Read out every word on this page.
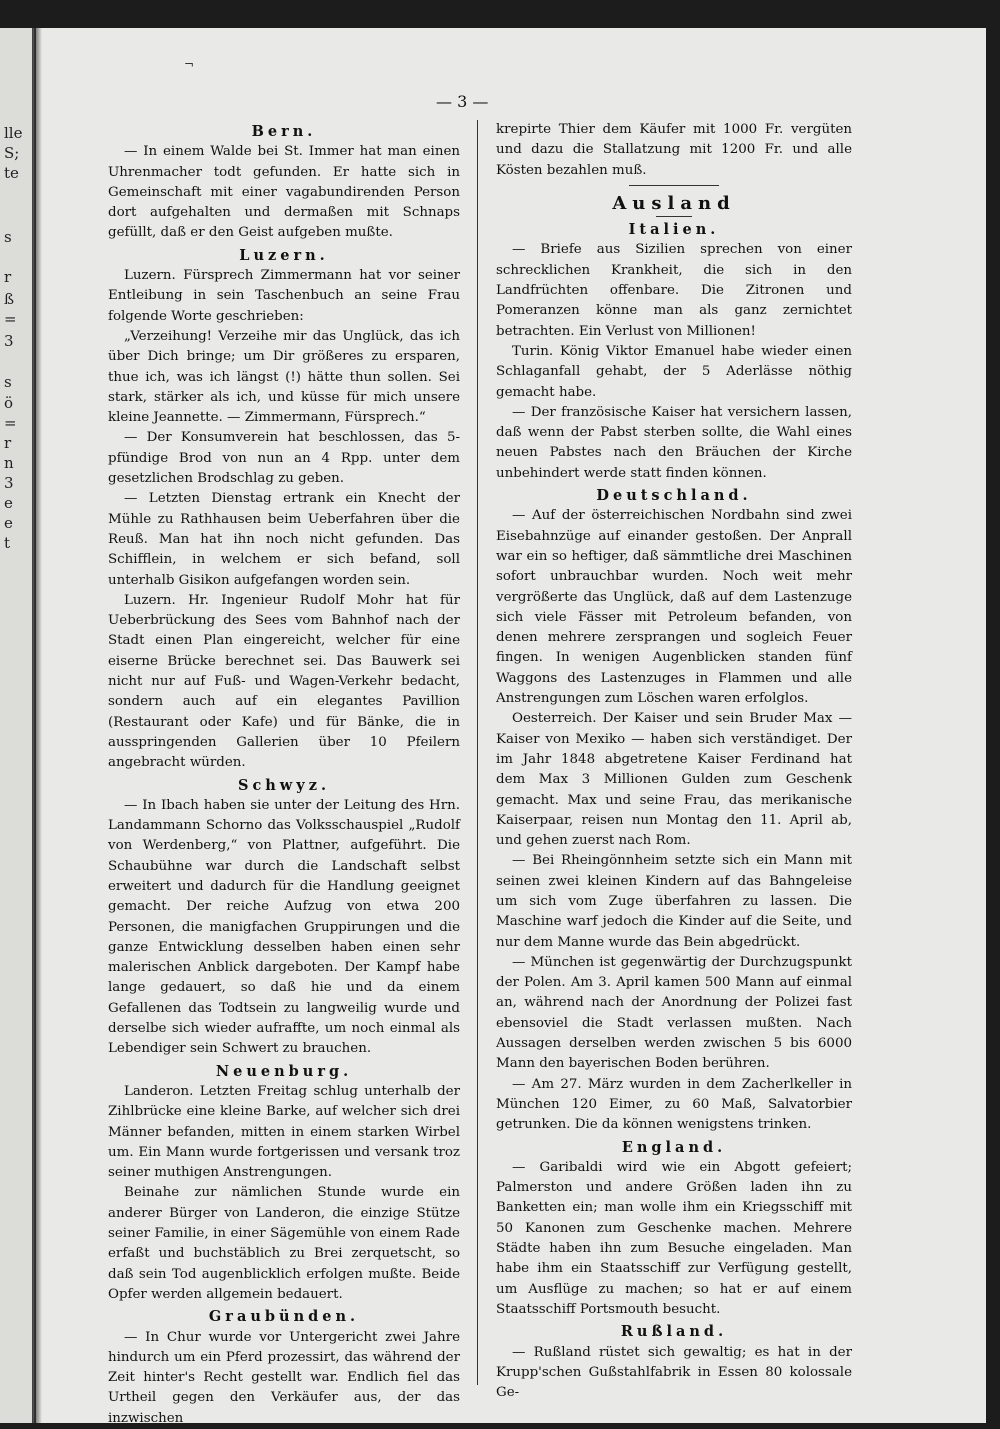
lle
S;
te
s
r
ß
=
3
s
ö
=
r
n
3
e
e
t
¬
— 3 —
Bern.

— In einem Walde bei St. Immer hat man einen Uhrenmacher todt gefunden. Er hatte sich in Gemeinschaft mit einer vagabundirenden Person dort aufgehalten und dermaßen mit Schnaps gefüllt, daß er den Geist aufgeben mußte.

Luzern.

Luzern. Fürsprech Zimmermann hat vor seiner Entleibung in sein Taschenbuch an seine Frau folgende Worte geschrieben:

„Verzeihung! Verzeihe mir das Unglück, das ich über Dich bringe; um Dir größeres zu ersparen, thue ich, was ich längst (!) hätte thun sollen. Sei stark, stärker als ich, und küsse für mich unsere kleine Jeannette. — Zimmermann, Fürsprech.“

— Der Konsumverein hat beschlossen, das 5-pfündige Brod von nun an 4 Rpp. unter dem gesetzlichen Brodschlag zu geben.

— Letzten Dienstag ertrank ein Knecht der Mühle zu Rathhausen beim Ueberfahren über die Reuß. Man hat ihn noch nicht gefunden. Das Schifflein, in welchem er sich befand, soll unterhalb Gisikon aufgefangen worden sein.

Luzern. Hr. Ingenieur Rudolf Mohr hat für Ueberbrückung des Sees vom Bahnhof nach der Stadt einen Plan eingereicht, welcher für eine eiserne Brücke berechnet sei. Das Bauwerk sei nicht nur auf Fuß- und Wagen-Verkehr bedacht, sondern auch auf ein elegantes Pavillion (Restaurant oder Kafe) und für Bänke, die in ausspringenden Gallerien über 10 Pfeilern angebracht würden.

Schwyz.

— In Ibach haben sie unter der Leitung des Hrn. Landammann Schorno das Volksschauspiel „Rudolf von Werdenberg,“ von Plattner, aufgeführt. Die Schaubühne war durch die Landschaft selbst erweitert und dadurch für die Handlung geeignet gemacht. Der reiche Aufzug von etwa 200 Personen, die manigfachen Gruppirungen und die ganze Entwicklung desselben haben einen sehr malerischen Anblick dargeboten. Der Kampf habe lange gedauert, so daß hie und da einem Gefallenen das Todtsein zu langweilig wurde und derselbe sich wieder aufraffte, um noch einmal als Lebendiger sein Schwert zu brauchen.

Neuenburg.

Landeron. Letzten Freitag schlug unterhalb der Zihlbrücke eine kleine Barke, auf welcher sich drei Männer befanden, mitten in einem starken Wirbel um. Ein Mann wurde fortgerissen und versank troz seiner muthigen Anstrengungen.

Beinahe zur nämlichen Stunde wurde ein anderer Bürger von Landeron, die einzige Stütze seiner Familie, in einer Sägemühle von einem Rade erfaßt und buchstäblich zu Brei zerquetscht, so daß sein Tod augenblicklich erfolgen mußte. Beide Opfer werden allgemein bedauert.

Graubünden.

— In Chur wurde vor Untergericht zwei Jahre hindurch um ein Pferd prozessirt, das während der Zeit hinter's Recht gestellt war. Endlich fiel das Urtheil gegen den Verkäufer aus, der das inzwischen

krepirte Thier dem Käufer mit 1000 Fr. vergüten und dazu die Stallatzung mit 1200 Fr. und alle Kösten bezahlen muß.

Ausland
Italien.

— Briefe aus Sizilien sprechen von einer schrecklichen Krankheit, die sich in den Landfrüchten offenbare. Die Zitronen und Pomeranzen könne man als ganz zernichtet betrachten. Ein Verlust von Millionen!

Turin. König Viktor Emanuel habe wieder einen Schlaganfall gehabt, der 5 Aderlässe nöthig gemacht habe.

— Der französische Kaiser hat versichern lassen, daß wenn der Pabst sterben sollte, die Wahl eines neuen Pabstes nach den Bräuchen der Kirche unbehindert werde statt finden können.

Deutschland.

— Auf der österreichischen Nordbahn sind zwei Eisebahnzüge auf einander gestoßen. Der Anprall war ein so heftiger, daß sämmtliche drei Maschinen sofort unbrauchbar wurden. Noch weit mehr vergrößerte das Unglück, daß auf dem Lastenzuge sich viele Fässer mit Petroleum befanden, von denen mehrere zersprangen und sogleich Feuer fingen. In wenigen Augenblicken standen fünf Waggons des Lastenzuges in Flammen und alle Anstrengungen zum Löschen waren erfolglos.

Oesterreich. Der Kaiser und sein Bruder Max — Kaiser von Mexiko — haben sich verständiget. Der im Jahr 1848 abgetretene Kaiser Ferdinand hat dem Max 3 Millionen Gulden zum Geschenk gemacht. Max und seine Frau, das merikanische Kaiserpaar, reisen nun Montag den 11. April ab, und gehen zuerst nach Rom.

— Bei Rheingönnheim setzte sich ein Mann mit seinen zwei kleinen Kindern auf das Bahngeleise um sich vom Zuge überfahren zu lassen. Die Maschine warf jedoch die Kinder auf die Seite, und nur dem Manne wurde das Bein abgedrückt.

— München ist gegenwärtig der Durchzugspunkt der Polen. Am 3. April kamen 500 Mann auf einmal an, während nach der Anordnung der Polizei fast ebensoviel die Stadt verlassen mußten. Nach Aussagen derselben werden zwischen 5 bis 6000 Mann den bayerischen Boden berühren.

— Am 27. März wurden in dem Zacherlkeller in München 120 Eimer, zu 60 Maß, Salvatorbier getrunken. Die da können wenigstens trinken.

England.

— Garibaldi wird wie ein Abgott gefeiert; Palmerston und andere Größen laden ihn zu Banketten ein; man wolle ihm ein Kriegsschiff mit 50 Kanonen zum Geschenke machen. Mehrere Städte haben ihn zum Besuche eingeladen. Man habe ihm ein Staatsschiff zur Verfügung gestellt, um Ausflüge zu machen; so hat er auf einem Staatsschiff Portsmouth besucht.

Rußland.

— Rußland rüstet sich gewaltig; es hat in der Krupp'schen Gußstahlfabrik in Essen 80 kolossale Ge-
